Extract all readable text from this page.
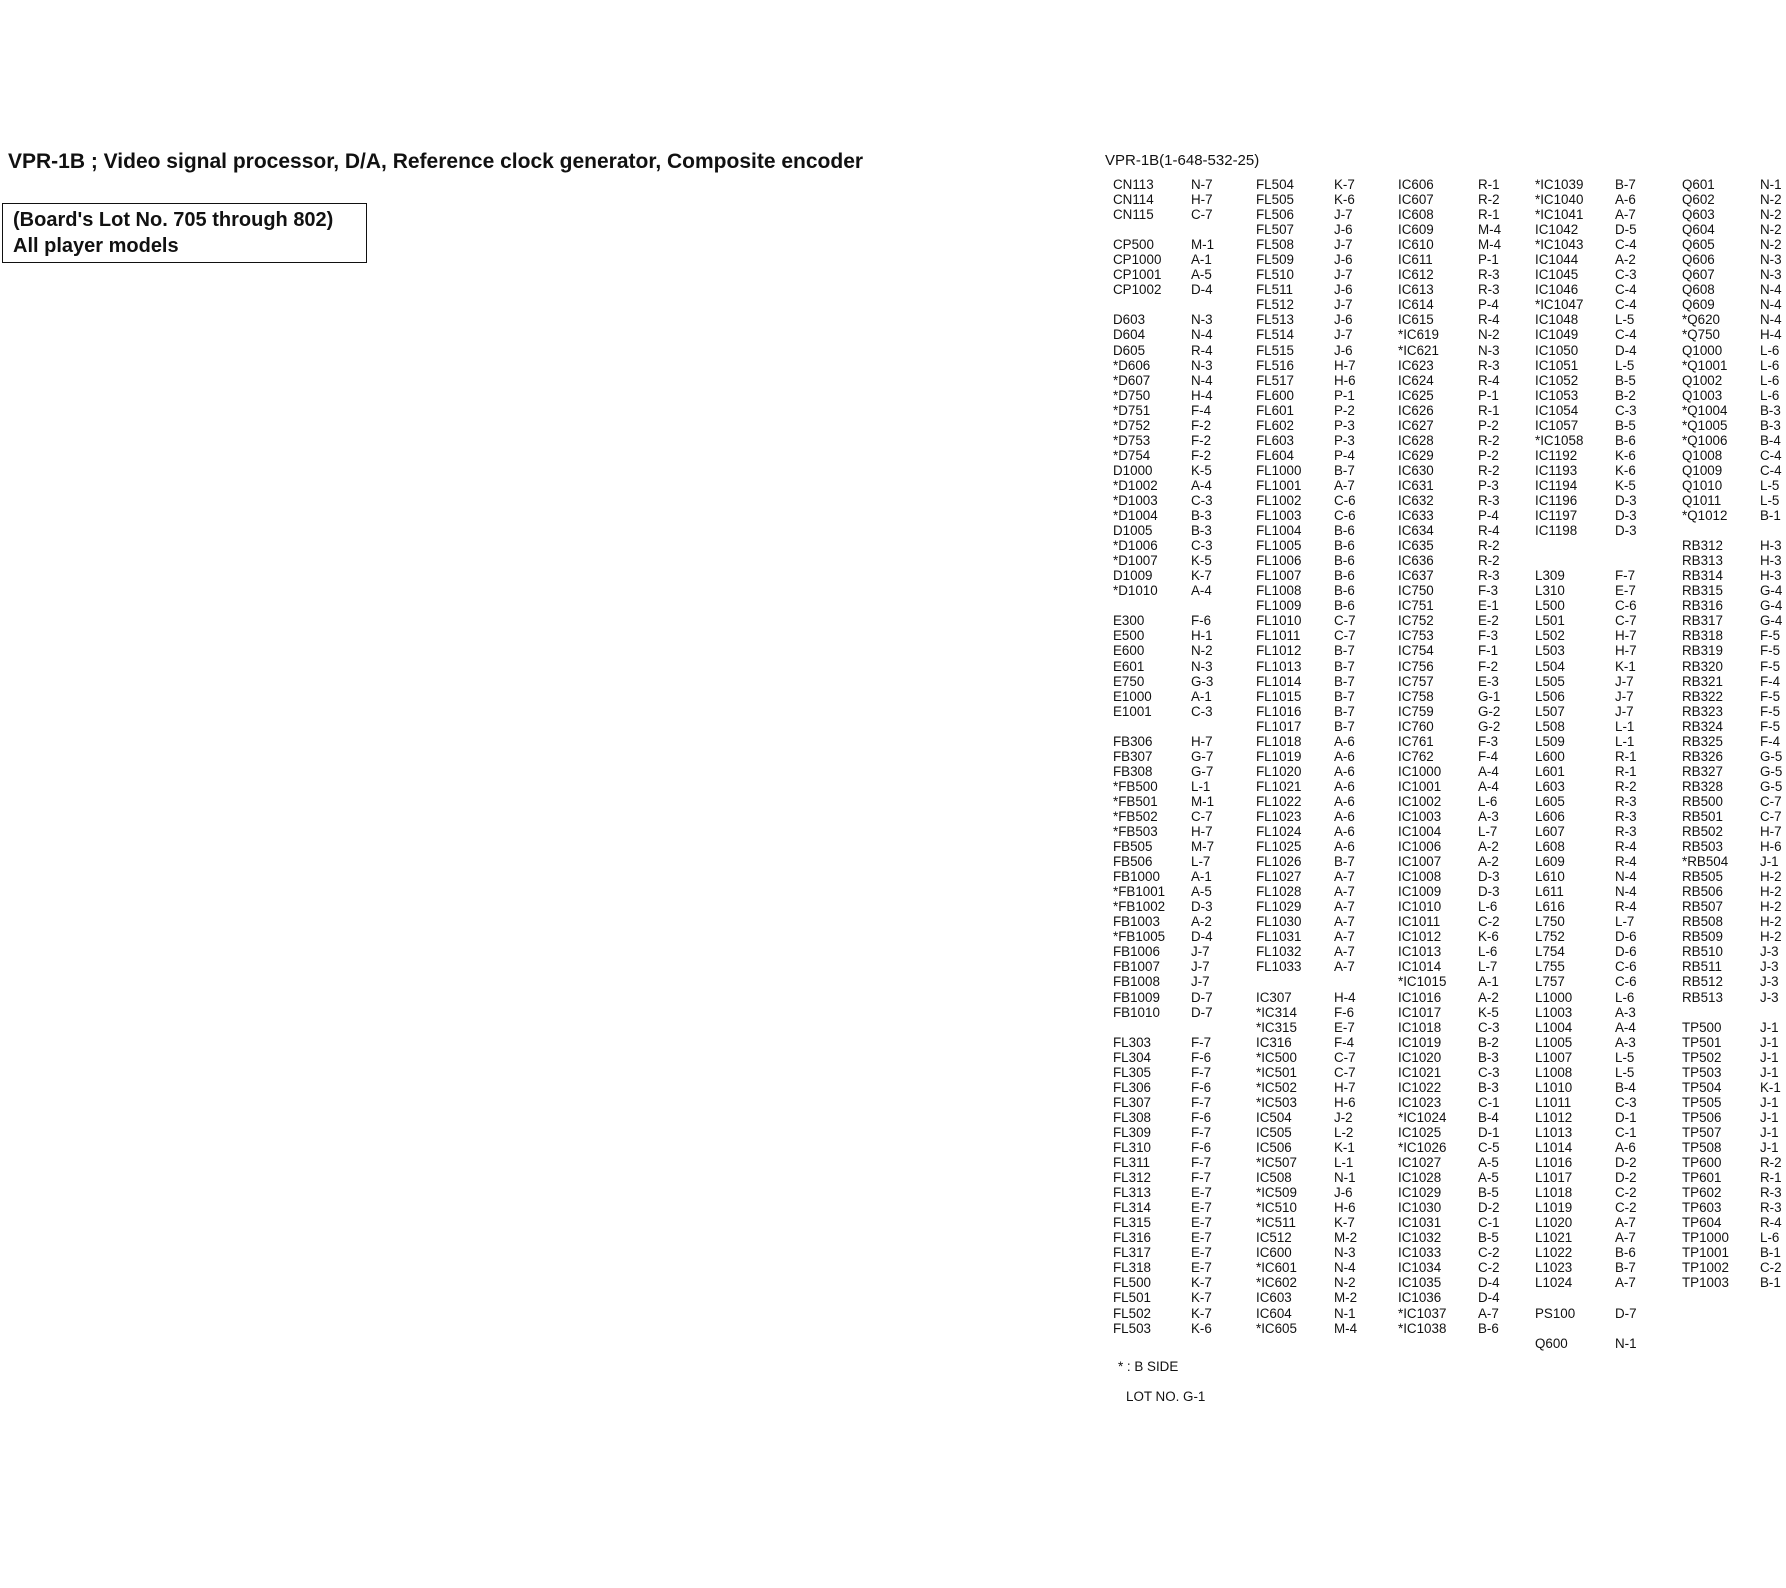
VPR-1B ; Video signal processor, D/A, Reference clock generator, Composite encoder
(Board's Lot No. 705 through 802)
All player models
VPR-1B(1-648-532-25)
CN113	N-7
CN114	H-7
CN115	C-7
CP500	M-1
CP1000 A-1
CP1001 A-5
CP1002 D-4
D603	N-3
D604	N-4
D605	R-4
*D606	N-3
*D607	N-4
*D750	H-4
*D751	F-4
*D752	F-2
*D753	F-2
*D754	F-2
D1000	K-5
*D1002 A-4
*D1003 C-3
*D1004 B-3
D1005	B-3
*D1006 C-3
*D1007 K-5
D1009	K-7
*D1010 A-4
E300	F-6
E500	H-1
E600	N-2
E601	N-3
E750	G-3
E1000	A-1
E1001	C-3
FB306	H-7
FB307	G-7
FB308	G-7
*FB500 L-1
*FB501 M-1
*FB502 C-7
*FB503 H-7
FB505	M-7
FB506	L-7
FB1000 A-1
*FB1001 A-5
*FB1002 D-3
FB1003 A-2
*FB1005 D-4
FB1006 J-7
FB1007 J-7
FB1008 J-7
FB1009 D-7
FB1010 D-7
FL303	F-7
FL304	F-6
FL305	F-7
FL306	F-6
FL307	F-7
FL308	F-6
FL309	F-7
FL310	F-6
FL311	F-7
FL312	F-7
FL313	E-7
FL314	E-7
FL315	E-7
FL316	E-7
FL317	E-7
FL318	E-7
FL500	K-7
FL501	K-7
FL502	K-7
FL503	K-6
FL504	K-7
FL505	K-6
FL506	J-7
FL507	J-6
FL508	J-7
FL509	J-6
FL510	J-7
FL511	J-6
FL512	J-7
FL513	J-6
FL514	J-7
FL515	J-6
FL516	H-7
FL517	H-6
FL600	P-1
FL601	P-2
FL602	P-3
FL603	P-3
FL604	P-4
FL1000 B-7
FL1001 A-7
FL1002 C-6
FL1003 C-6
FL1004 B-6
FL1005 B-6
FL1006 B-6
FL1007 B-6
FL1008 B-6
FL1009 B-6
FL1010 C-7
FL1011	C-7
FL1012 B-7
FL1013 B-7
FL1014 B-7
FL1015 B-7
FL1016 B-7
FL1017 B-7
FL1018 A-6
FL1019 A-6
FL1020 A-6
FL1021 A-6
FL1022 A-6
FL1023 A-6
FL1024 A-6
FL1025 A-6
FL1026 B-7
FL1027 A-7
FL1028 A-7
FL1029 A-7
FL1030 A-7
FL1031 A-7
FL1032 A-7
FL1033 A-7
IC307	H-4
*IC314	F-6
*IC315	E-7
IC316	F-4
*IC500	C-7
*IC501	C-7
*IC502	H-7
*IC503	H-6
IC504	J-2
IC505	L-2
IC506	K-1
*IC507	L-1
IC508	N-1
*IC509	J-6
*IC510	H-6
*IC511	K-7
IC512	M-2
IC600	N-3
*IC601	N-4
*IC602	N-2
IC603	M-2
IC604	N-1
*IC605	M-4
IC606	R-1
IC607	R-2
IC608	R-1
IC609	M-4
IC610	M-4
IC611	P-1
IC612	R-3
IC613	R-3
IC614	P-4
IC615	R-4
*IC619	N-2
*IC621	N-3
IC623	R-3
IC624	R-4
IC625	P-1
IC626	R-1
IC627	P-2
IC628	R-2
IC629	P-2
IC630	R-2
IC631	P-3
IC632	R-3
IC633	P-4
IC634	R-4
IC635	R-2
IC636	R-2
IC637	R-3
IC750	F-3
IC751	E-1
IC752	E-2
IC753	F-3
IC754	F-1
IC756	F-2
IC757	E-3
IC758	G-1
IC759	G-2
IC760	G-2
IC761	F-3
IC762	F-4
IC1000	A-4
IC1001	A-4
IC1002	L-6
IC1003	A-3
IC1004	L-7
IC1006	A-2
IC1007	A-2
IC1008	D-3
IC1009	D-3
IC1010	L-6
IC1011	C-2
IC1012	K-6
IC1013	L-6
IC1014	L-7
*IC1015 A-1
IC1016	A-2
IC1017	K-5
IC1018	C-3
IC1019	B-2
IC1020	B-3
IC1021	C-3
IC1022	B-3
IC1023	C-1
*IC1024 B-4
IC1025	D-1
*IC1026 C-5
IC1027	A-5
IC1028	A-5
IC1029	B-5
IC1030	D-2
IC1031	C-1
IC1032	B-5
IC1033	C-2
IC1034	C-2
IC1035	D-4
IC1036	D-4
*IC1037 A-7
*IC1038 B-6
*IC1039 B-7
*IC1040 A-6
*IC1041 A-7
IC1042	D-5
*IC1043 C-4
IC1044	A-2
IC1045	C-3
IC1046	C-4
*IC1047 C-4
IC1048	L-5
IC1049	C-4
IC1050	D-4
IC1051	L-5
IC1052	B-5
IC1053	B-2
IC1054	C-3
IC1057	B-5
*IC1058 B-6
IC1192	K-6
IC1193	K-6
IC1194	K-5
IC1196	D-3
IC1197	D-3
IC1198	D-3
L309	F-7
L310	E-7
L500	C-6
L501	C-7
L502	H-7
L503	H-7
L504	K-1
L505	J-7
L506	J-7
L507	J-7
L508	L-1
L509	L-1
L600	R-1
L601	R-1
L603	R-2
L605	R-3
L606	R-3
L607	R-3
L608	R-4
L609	R-4
L610	N-4
L611	N-4
L616	R-4
L750	L-7
L752	D-6
L754	D-6
L755	C-6
L757	C-6
L1000	L-6
L1003	A-3
L1004	A-4
L1005	A-3
L1007	L-5
L1008	L-5
L1010	B-4
L1011	C-3
L1012	D-1
L1013	C-1
L1014	A-6
L1016	D-2
L1017	D-2
L1018	C-2
L1019	C-2
L1020	A-7
L1021	A-7
L1022	B-6
L1023	B-7
L1024	A-7
PS100	D-7
Q600	N-1
Q601	N-1
Q602	N-2
Q603	N-2
Q604	N-2
Q605	N-2
Q606	N-3
Q607	N-3
Q608	N-4
Q609	N-4
*Q620	N-4
*Q750	H-4
Q1000	L-6
*Q1001 L-6
Q1002	L-6
Q1003	L-6
*Q1004 B-3
*Q1005 B-3
*Q1006 B-4
Q1008	C-4
Q1009	C-4
Q1010	L-5
Q1011	L-5
*Q1012 B-1
RB312	H-3
RB313	H-3
RB314	H-3
RB315	G-4
RB316	G-4
RB317	G-4
RB318	F-5
RB319	F-5
RB320	F-5
RB321	F-4
RB322	F-5
RB323	F-5
RB324	F-5
RB325	F-4
RB326	G-5
RB327	G-5
RB328	G-5
RB500	C-7
RB501	C-7
RB502	H-7
RB503	H-6
*RB504 J-1
RB505	H-2
RB506	H-2
RB507	H-2
RB508	H-2
RB509	H-2
RB510	J-3
RB511	J-3
RB512	J-3
RB513	J-3
TP500	J-1
TP501	J-1
TP502	J-1
TP503	J-1
TP504	K-1
TP505	J-1
TP506	J-1
TP507	J-1
TP508	J-1
TP600	R-2
TP601	R-1
TP602	R-3
TP603	R-3
TP604	R-4
TP1000 L-6
TP1001 B-1
TP1002 C-2
TP1003 B-1
* : B SIDE
LOT NO. G-1
